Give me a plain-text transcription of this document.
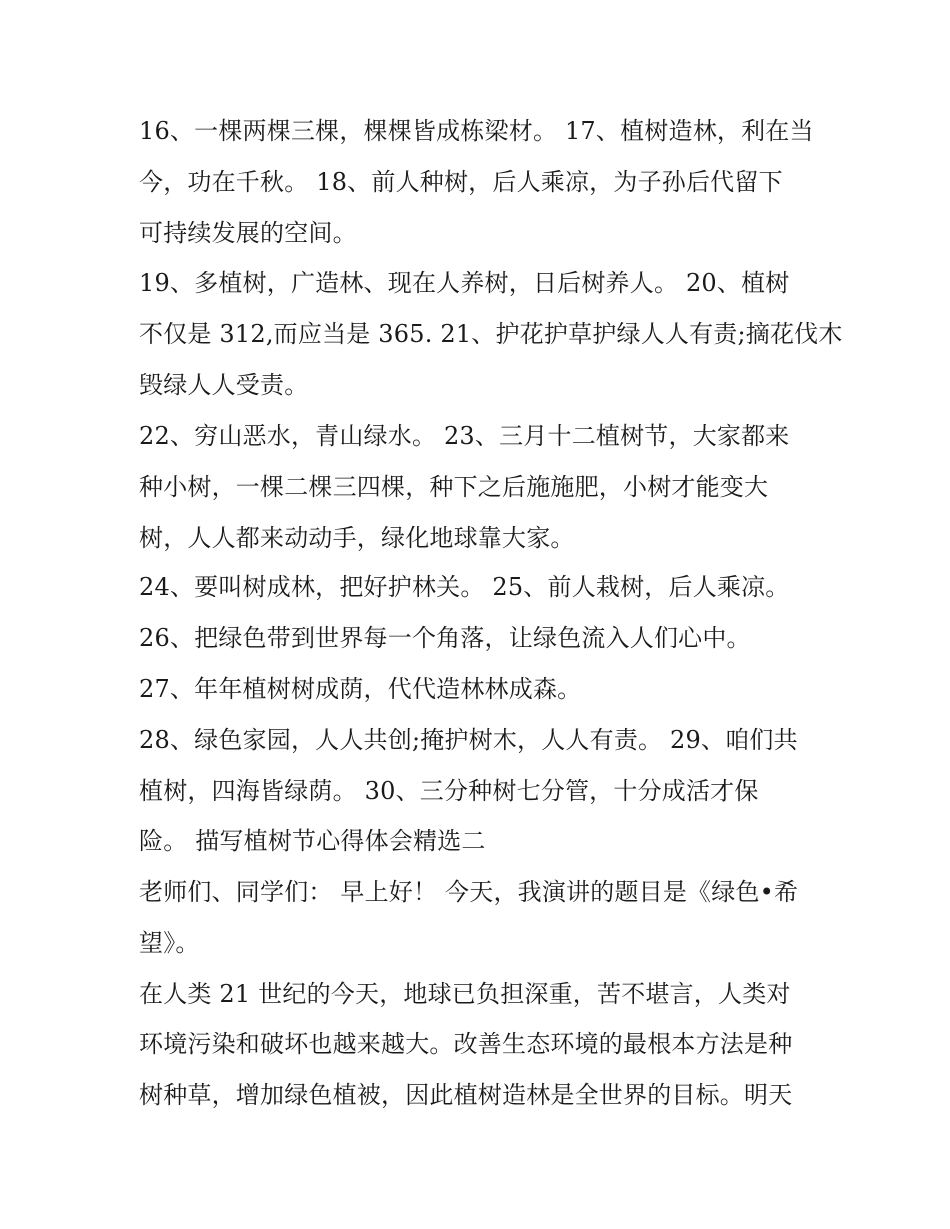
16、一棵两棵三棵，棵棵皆成栋梁材。 17、植树造林，利在当
今，功在千秋。 18、前人种树，后人乘凉，为子孙后代留下
可持续发展的空间。
19、多植树，广造林、现在人养树，日后树养人。 20、植树
不仅是 312,而应当是 365. 21、护花护草护绿人人有责;摘花伐木
毁绿人人受责。
22、穷山恶水，青山绿水。 23、三月十二植树节，大家都来
种小树，一棵二棵三四棵，种下之后施施肥，小树才能变大
树，人人都来动动手，绿化地球靠大家。
24、要叫树成林，把好护林关。 25、前人栽树，后人乘凉。
26、把绿色带到世界每一个角落，让绿色流入人们心中。
27、年年植树树成荫，代代造林林成森。
28、绿色家园，人人共创;掩护树木，人人有责。 29、咱们共
植树，四海皆绿荫。 30、三分种树七分管，十分成活才保
险。 描写植树节心得体会精选二
老师们、同学们： 早上好！ 今天，我演讲的题目是《绿色•希
望》。
在人类 21 世纪的今天，地球已负担深重，苦不堪言，人类对
环境污染和破坏也越来越大。改善生态环境的最根本方法是种
树种草，增加绿色植被，因此植树造林是全世界的目标。明天
